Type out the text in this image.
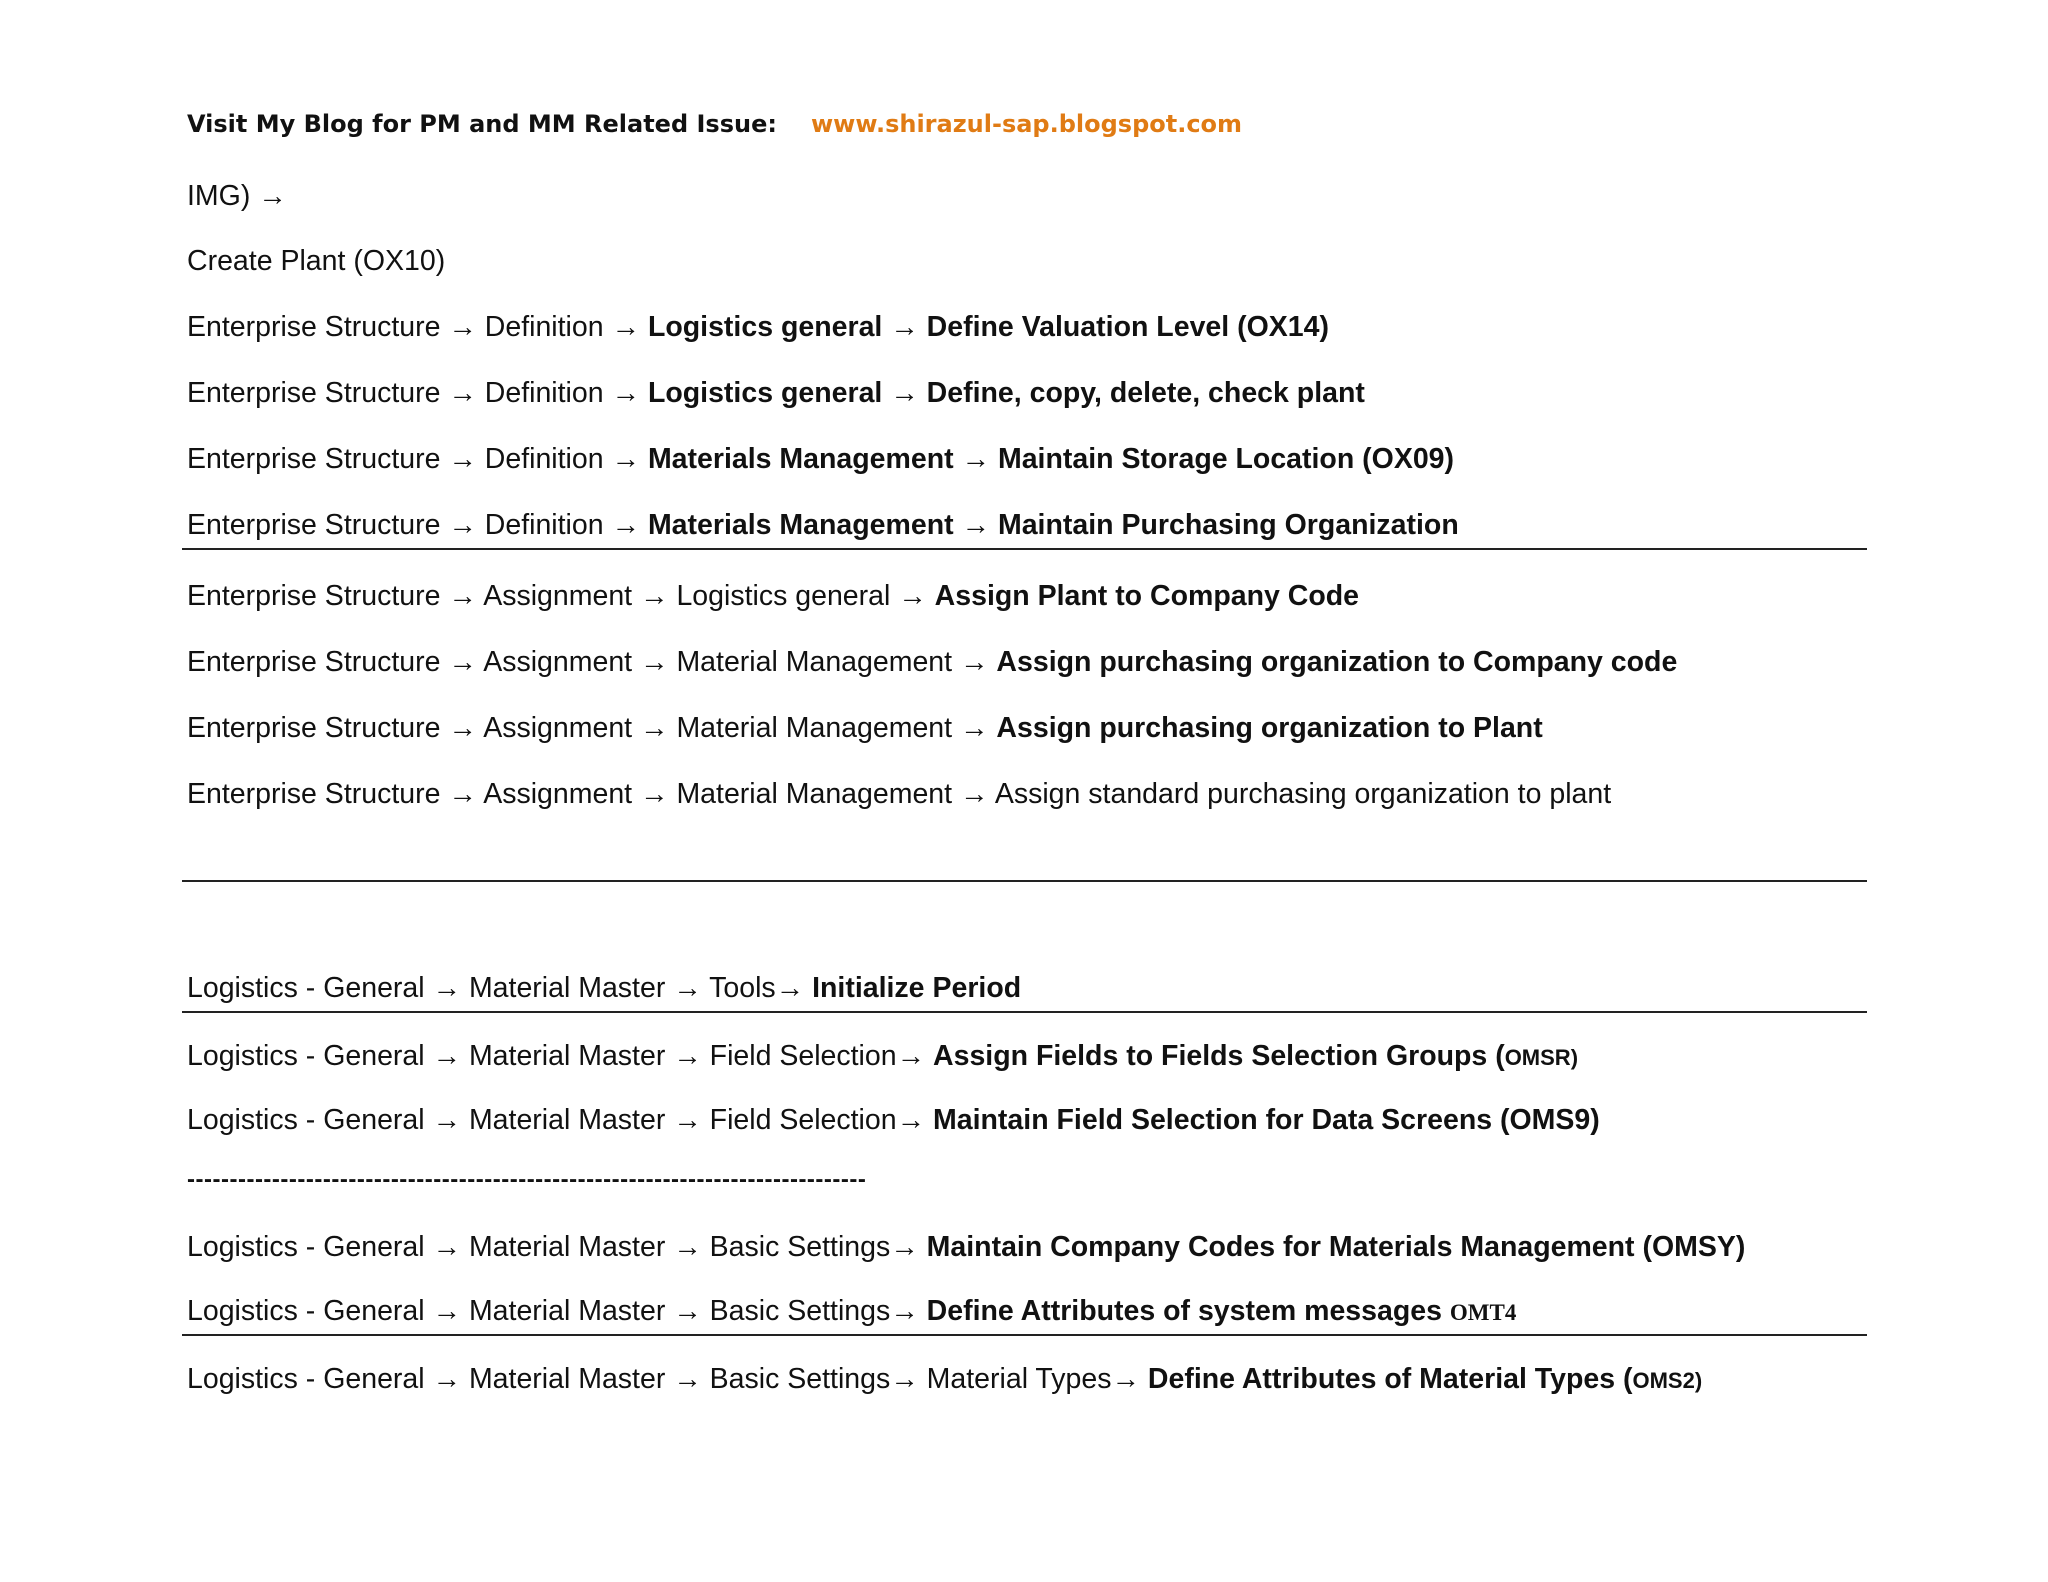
Visit My Blog for PM and MM Related Issue: www.shirazul-sap.blogspot.com
IMG) →
Create Plant (OX10)
Enterprise Structure → Definition → Logistics general → Define Valuation Level (OX14)
Enterprise Structure → Definition → Logistics general → Define, copy, delete, check plant
Enterprise Structure → Definition → Materials Management → Maintain Storage Location (OX09)
Enterprise Structure → Definition → Materials Management → Maintain Purchasing Organization
Enterprise Structure → Assignment → Logistics general → Assign Plant to Company Code
Enterprise Structure → Assignment → Material Management → Assign purchasing organization to Company code
Enterprise Structure → Assignment → Material Management → Assign purchasing organization to Plant
Enterprise Structure → Assignment → Material Management → Assign standard purchasing organization to plant
Logistics - General → Material Master → Tools→ Initialize Period
Logistics - General → Material Master → Field Selection→ Assign Fields to Fields Selection Groups (OMSR)
Logistics - General → Material Master → Field Selection→ Maintain Field Selection for Data Screens (OMS9)
--------------------------------------------------------------------------------
Logistics - General → Material Master → Basic Settings→ Maintain Company Codes for Materials Management (OMSY)
Logistics - General → Material Master → Basic Settings→ Define Attributes of system messages OMT4
Logistics - General → Material Master → Basic Settings→ Material Types→ Define Attributes of Material Types (OMS2)
